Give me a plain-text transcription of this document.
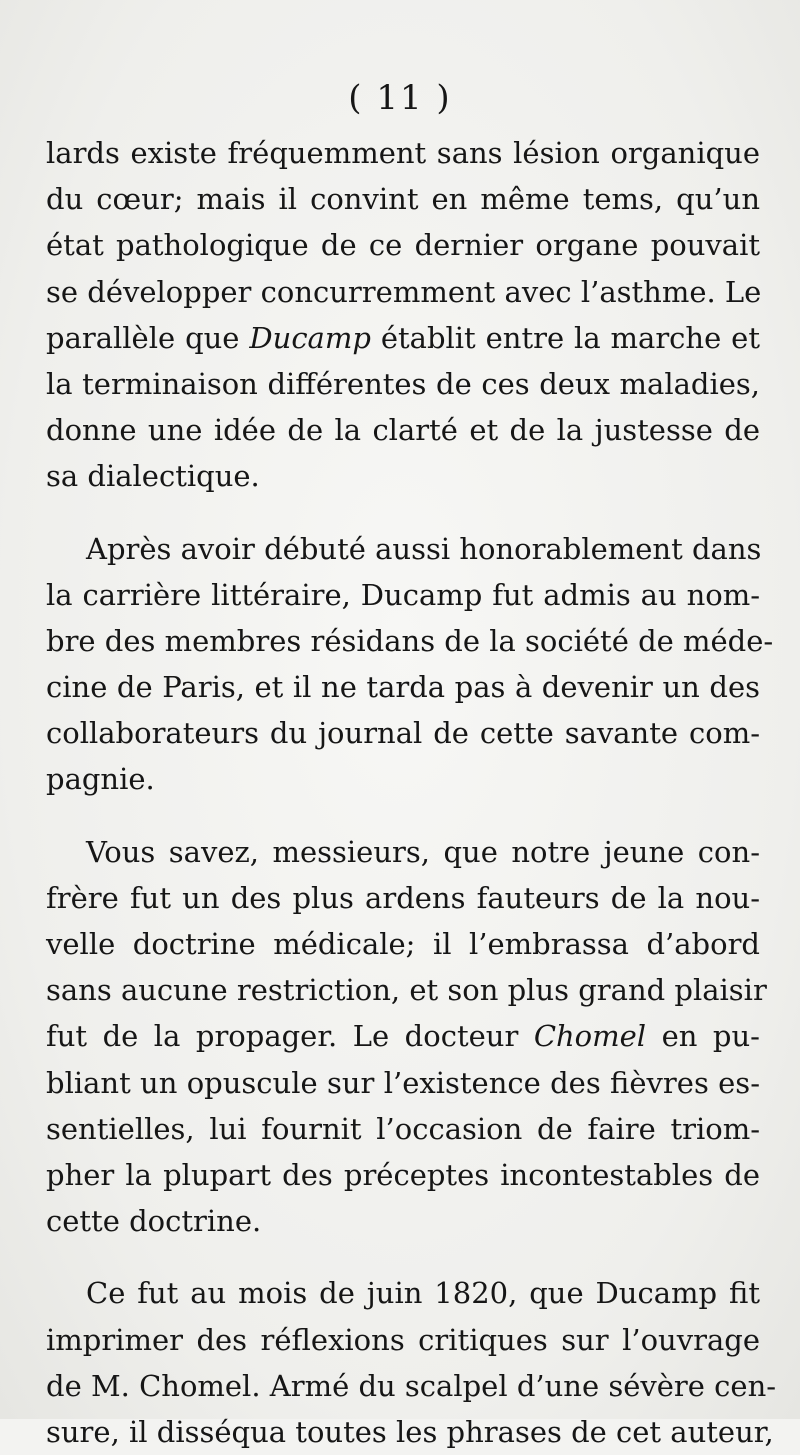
( 11 )
lards existe fréquemment sans lésion organique
du cœur; mais il convint en même tems, qu’un
état pathologique de ce dernier organe pouvait
se développer concurremment avec l’asthme. Le
parallèle que Ducamp établit entre la marche et
la terminaison différentes de ces deux maladies,
donne une idée de la clarté et de la justesse de
sa dialectique.
Après avoir débuté aussi honorablement dans
la carrière littéraire, Ducamp fut admis au nom-
bre des membres résidans de la société de méde-
cine de Paris, et il ne tarda pas à devenir un des
collaborateurs du journal de cette savante com-
pagnie.
Vous savez, messieurs, que notre jeune con-
frère fut un des plus ardens fauteurs de la nou-
velle doctrine médicale; il l’embrassa d’abord
sans aucune restriction, et son plus grand plaisir
fut de la propager. Le docteur Chomel en pu-
bliant un opuscule sur l’existence des fièvres es-
sentielles, lui fournit l’occasion de faire triom-
pher la plupart des préceptes incontestables de
cette doctrine.
Ce fut au mois de juin 1820, que Ducamp fit
imprimer des réflexions critiques sur l’ouvrage
de M. Chomel. Armé du scalpel d’une sévère cen-
sure, il disséqua toutes les phrases de cet auteur,
